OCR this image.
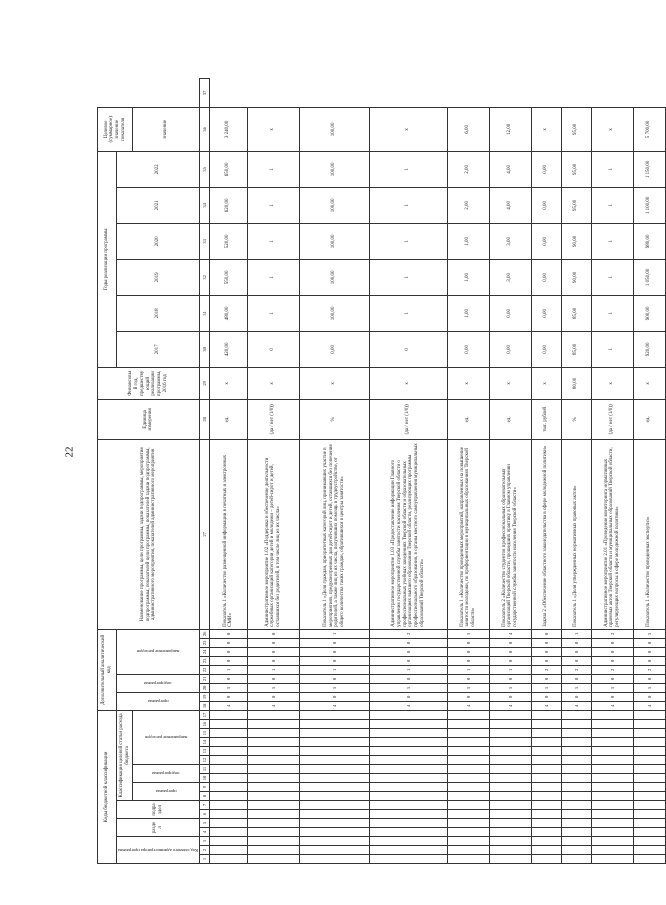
22
Коды бюджетной классификации																	Дополнительный аналитический код									Наименование программы, цели программы, задачи подпрограммы, мероприятия подпрограммы, показателей цели программы, показателей задачи подпрограммы, административного мероприятия, показателей административного мероприятия	Единица измерения	Финансовый год, предшествующий реализации программы, 2016 год	Годы реализации программы						Целевое (суммарное) значение показателя	

Код главного администратора программы			раздел		подраздел		Классификация целевой статьи расхода бюджета										программа		подпрограмма		направление расходов								2017	2018	2019	2020	2021	2022		

							программа		подпрограмма		направление расходов																								значение	
1	2	3	4	5	6	7	8	9	10	11	12	13	14	15	16	17	18	19	20	21	22	23	24	25	26	27	28	29	30	31	32	33	34	35	36	37
																	4	0	5	0	1	0	0	0	0	Показатель 1 «Количество размещенной информации в печатных и электронных СМИ»	ед.	х	420,00	480,00	550,00	520,00	620,00	650,00	3 240,00	
																	4	0	5	0	1	0	0	0	0	Административное мероприятие 1.02 «Поддержка и обеспечение деятельности служебных организаций категории детей и молодежи – детей-сирот и детей, оставшихся без родителей, в том числе лиц из их числа»	(да / нет (1/0))	х	0	1	1	1	1	1	х	
																	4	0	5	0	1	0	0	0	1	Показатель 1 «Доля граждан, приоритетных категорий лиц, принимавших участие в мероприятиях, предусмотренных для детей-сирот и детей, оставшихся без попечения родителей, а также лиц из их числа, получивших помощь в трудоустройстве, от общего количества таких граждан, обратившихся в центры занятости»	%	х	0,00	100,00	100,00	100,00	100,00	100,00	100,00	
																	4	0	5	0	1	0	0	0	2	Административное мероприятие 1.03 «Предоставление информации Главного управления государственной службы занятости населения Тверской области о профессиональных учебных заведениях Тверской области и образовательных организациях высшего образования Тверской области, реализующих программы профессионального образования, в органы местного самоуправления муниципальных образований Тверской области»	(да / нет (1/0))	х	0	1	1	1	1	1	х	
																	4	0	5	0	1	0	0	0	3	Показатель 1 «Количество проведенных мероприятий, направленных на повышение занятости молодежи, по профориентации в муниципальных образованиях Тверской области»	ед.	х	0,00	1,00	1,00	1,00	2,00	2,00	6,00	
																	4	0	5	0	1	0	0	0	4	Показатель 2 «Количество студентов профессиональных образовательных организаций Тверской области, прошедших практику в Главном управлении государственной службы занятости населения Тверской области»	ед.	х	0,00	0,00	3,00	3,00	4,00	4,00	12,00	
																	4	0	5	0	2	0	0	0	0	Задача 2 «Обеспечение областного законодательства в сфере молодежной политики»	тыс. рублей	х	0,00	0,00	0,00	0,00	0,00	0,00	х	
																	4	0	5	0	2	0	0	0	1	Показатель 1 «Доля утвержденных нормативных правовых актов»	%	80,00	85,00	85,00	90,00	90,00	95,00	95,00	95,00	
																	4	0	5	0	2	0	0	0	2	Административное мероприятие 2.01 «Проведение мониторинга нормативных правовых актов Тверской области и муниципальных образований Тверской области, регулирующих вопросы в сфере молодежной политики»	(да / нет (1/0))	х	1	1	1	1	1	1	х	
																	4	0	5	0	2	0	0	0	3	Показатель 1 «Количество проведенных экспертиз»	ед.	х	920,00	900,00	1 050,00	980,00	1 100,00	1 150,00	5 700,00	
